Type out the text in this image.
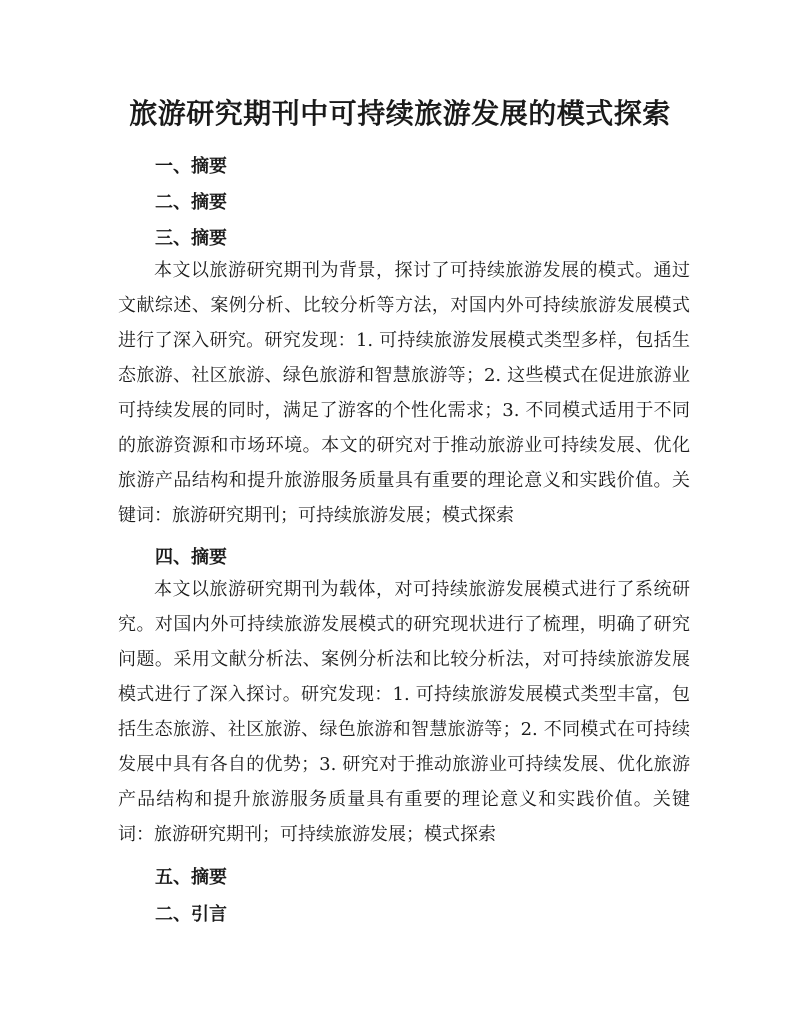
旅游研究期刊中可持续旅游发展的模式探索
一、摘要
二、摘要
三、摘要
本文以旅游研究期刊为背景，探讨了可持续旅游发展的模式。通过文献综述、案例分析、比较分析等方法，对国内外可持续旅游发展模式进行了深入研究。研究发现：1. 可持续旅游发展模式类型多样，包括生态旅游、社区旅游、绿色旅游和智慧旅游等；2. 这些模式在促进旅游业可持续发展的同时，满足了游客的个性化需求；3. 不同模式适用于不同的旅游资源和市场环境。本文的研究对于推动旅游业可持续发展、优化旅游产品结构和提升旅游服务质量具有重要的理论意义和实践价值。关键词：旅游研究期刊；可持续旅游发展；模式探索
四、摘要
本文以旅游研究期刊为载体，对可持续旅游发展模式进行了系统研究。对国内外可持续旅游发展模式的研究现状进行了梳理，明确了研究问题。采用文献分析法、案例分析法和比较分析法，对可持续旅游发展模式进行了深入探讨。研究发现：1. 可持续旅游发展模式类型丰富，包括生态旅游、社区旅游、绿色旅游和智慧旅游等；2. 不同模式在可持续发展中具有各自的优势；3. 研究对于推动旅游业可持续发展、优化旅游产品结构和提升旅游服务质量具有重要的理论意义和实践价值。关键词：旅游研究期刊；可持续旅游发展；模式探索
五、摘要
二、引言
